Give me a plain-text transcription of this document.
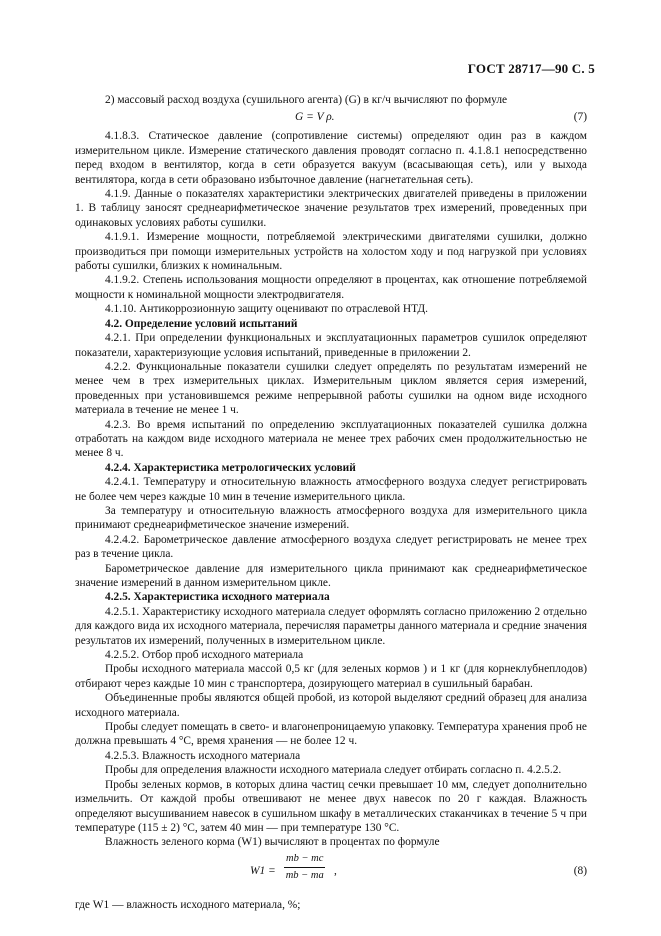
ГОСТ 28717—90 С. 5

2) массовый расход воздуха (сушильного агента) (G) в кг/ч вычисляют по формуле

G = V ρ.	(7)

4.1.8.3. Статическое давление (сопротивление системы) определяют один раз в каждом измерительном цикле. Измерение статического давления проводят согласно п. 4.1.8.1 непосредственно перед входом в вентилятор, когда в сети образуется вакуум (всасывающая сеть), или у выхода вентилятора, когда в сети образовано избыточное давление (нагнетательная сеть).

4.1.9. Данные о показателях характеристики электрических двигателей приведены в приложении 1. В таблицу заносят среднеарифметическое значение результатов трех измерений, проведенных при одинаковых условиях работы сушилки.

4.1.9.1. Измерение мощности, потребляемой электрическими двигателями сушилки, должно производиться при помощи измерительных устройств на холостом ходу и под нагрузкой при условиях работы сушилки, близких к номинальным.

4.1.9.2. Степень использования мощности определяют в процентах, как отношение потребляемой мощности к номинальной мощности электродвигателя.

4.1.10. Антикоррозионную защиту оценивают по отраслевой НТД.

4.2. Определение условий испытаний

4.2.1. При определении функциональных и эксплуатационных параметров сушилок определяют показатели, характеризующие условия испытаний, приведенные в приложении 2.

4.2.2. Функциональные показатели сушилки следует определять по результатам измерений не менее чем в трех измерительных циклах. Измерительным циклом является серия измерений, проведенных при установившемся режиме непрерывной работы сушилки на одном виде исходного материала в течение не менее 1 ч.

4.2.3. Во время испытаний по определению эксплуатационных показателей сушилка должна отработать на каждом виде исходного материала не менее трех рабочих смен продолжительностью не менее 8 ч.

4.2.4. Характеристика метрологических условий

4.2.4.1. Температуру и относительную влажность атмосферного воздуха следует регистрировать не более чем через каждые 10 мин в течение измерительного цикла.

За температуру и относительную влажность атмосферного воздуха для измерительного цикла принимают среднеарифметическое значение измерений.

4.2.4.2. Барометрическое давление атмосферного воздуха следует регистрировать не менее трех раз в течение цикла.

Барометрическое давление для измерительного цикла принимают как среднеарифметическое значение измерений в данном измерительном цикле.

4.2.5. Характеристика исходного материала

4.2.5.1. Характеристику исходного материала следует оформлять согласно приложению 2 отдельно для каждого вида их исходного материала, перечисляя параметры данного материала и средние значения результатов их измерений, полученных в измерительном цикле.

4.2.5.2. Отбор проб исходного материала

Пробы исходного материала массой 0,5 кг (для зеленых кормов ) и 1 кг (для корнеклубнеплодов) отбирают через каждые 10 мин с транспортера, дозирующего материал в сушильный барабан.

Объединенные пробы являются общей пробой, из которой выделяют средний образец для анализа исходного материала.

Пробы следует помещать в свето- и влагонепроницаемую упаковку. Температура хранения проб не должна превышать 4 °С, время хранения — не более 12 ч.

4.2.5.3. Влажность исходного материала

Пробы для определения влажности исходного материала следует отбирать согласно п. 4.2.5.2.

Пробы зеленых кормов, в которых длина частиц сечки превышает 10 мм, следует дополнительно измельчить. От каждой пробы отвешивают не менее двух навесок по 20 г каждая. Влажность определяют высушиванием навесок в сушильном шкафу в металлических стаканчиках в течение 5 ч при температуре (115 ± 2) °С, затем 40 мин — при температуре 130 °С.

Влажность зеленого корма (W1) вычисляют в процентах по формуле

$W1 = \frac{mb - mc}{mb - ma}$ ,	(8)

где W1 — влажность исходного материала, %;
